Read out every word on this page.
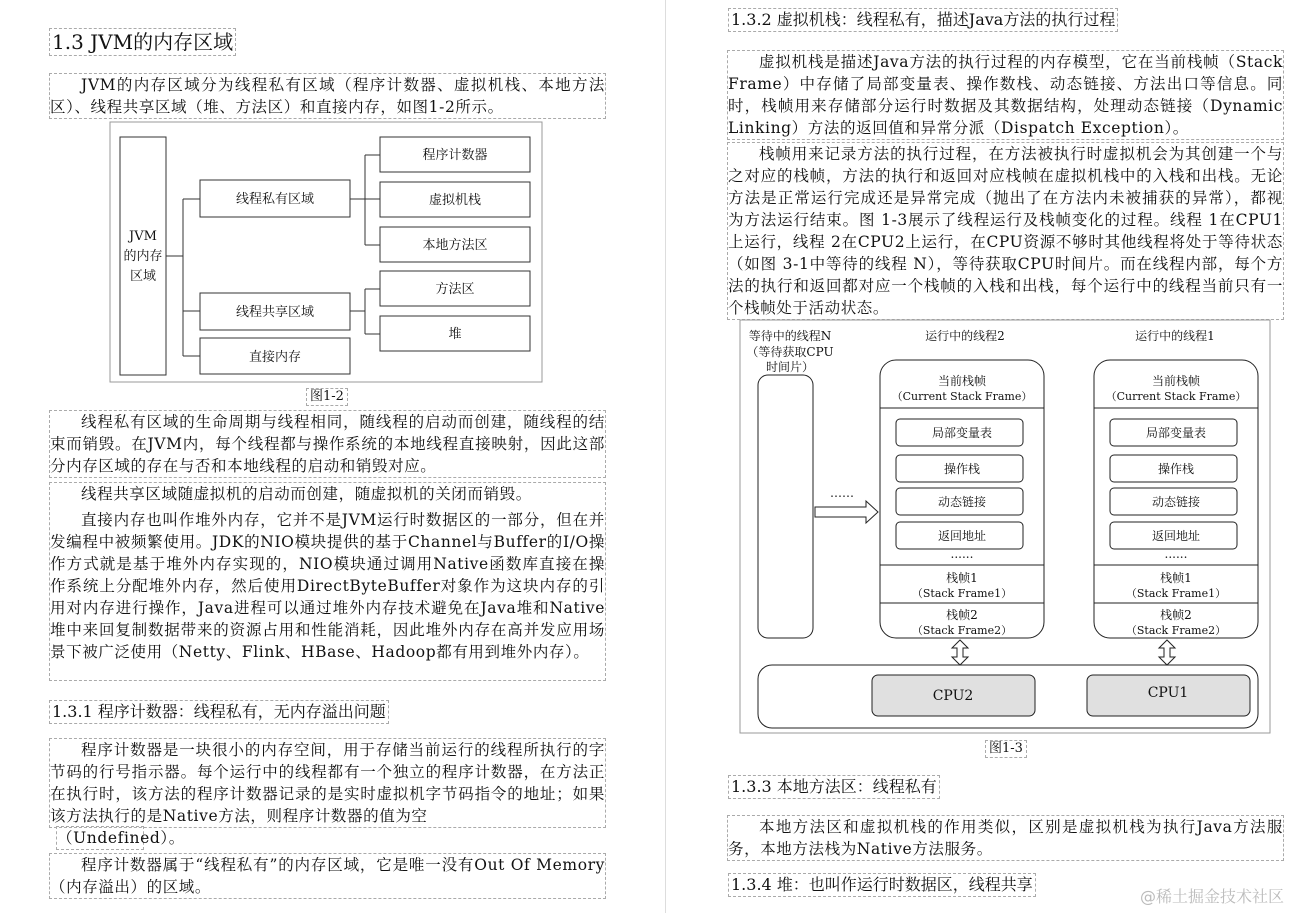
1.3 JVM的内存区域

JVM的内存区域分为线程私有区域（程序计数器、虚拟机栈、本地方法区）、线程共享区域（堆、方法区）和直接内存，如图1-2所示。

JVM
的内存
区域
线程私有区域
线程共享区域
直接内存
程序计数器
虚拟机栈
本地方法区
方法区
堆
图1-2

线程私有区域的生命周期与线程相同，随线程的启动而创建，随线程的结束而销毁。在JVM内，每个线程都与操作系统的本地线程直接映射，因此这部分内存区域的存在与否和本地线程的启动和销毁对应。

线程共享区域随虚拟机的启动而创建，随虚拟机的关闭而销毁。

直接内存也叫作堆外内存，它并不是JVM运行时数据区的一部分，但在并发编程中被频繁使用。JDK的NIO模块提供的基于Channel与Buffer的I/O操作方式就是基于堆外内存实现的，NIO模块通过调用Native函数库直接在操作系统上分配堆外内存，然后使用DirectByteBuffer对象作为这块内存的引用对内存进行操作，Java进程可以通过堆外内存技术避免在Java堆和Native堆中来回复制数据带来的资源占用和性能消耗，因此堆外内存在高并发应用场景下被广泛使用（Netty、Flink、HBase、Hadoop都有用到堆外内存）。

1.3.1 程序计数器：线程私有，无内存溢出问题

程序计数器是一块很小的内存空间，用于存储当前运行的线程所执行的字节码的行号指示器。每个运行中的线程都有一个独立的程序计数器，在方法正在执行时，该方法的程序计数器记录的是实时虚拟机字节码指令的地址；如果该方法执行的是Native方法，则程序计数器的值为空

（Undefined）。

程序计数器属于“线程私有”的内存区域，它是唯一没有Out Of Memory（内存溢出）的区域。

1.3.2 虚拟机栈：线程私有，描述Java方法的执行过程

虚拟机栈是描述Java方法的执行过程的内存模型，它在当前栈帧（Stack Frame）中存储了局部变量表、操作数栈、动态链接、方法出口等信息。同时，栈帧用来存储部分运行时数据及其数据结构，处理动态链接（Dynamic Linking）方法的返回值和异常分派（Dispatch Exception）。

栈帧用来记录方法的执行过程，在方法被执行时虚拟机会为其创建一个与之对应的栈帧，方法的执行和返回对应栈帧在虚拟机栈中的入栈和出栈。无论方法是正常运行完成还是异常完成（抛出了在方法内未被捕获的异常），都视为方法运行结束。图 1-3展示了线程运行及栈帧变化的过程。线程 1在CPU1上运行，线程 2在CPU2上运行，在CPU资源不够时其他线程将处于等待状态（如图 3-1中等待的线程 N），等待获取CPU时间片。而在线程内部，每个方法的执行和返回都对应一个栈帧的入栈和出栈，每个运行中的线程当前只有一个栈帧处于活动状态。

等待中的线程N
（等待获取CPU
时间片）
……
运行中的线程2	运行中的线程1
局部变量表
操作栈
动态链接
返回地址
当前栈帧
（Current Stack Frame）
......
栈帧1
（Stack Frame1）
栈帧2
（Stack Frame2）
局部变量表
操作栈
动态链接
返回地址
当前栈帧
（Current Stack Frame）
......
栈帧1
（Stack Frame1）
栈帧2
（Stack Frame2）
CPU2	CPU1
图1-3
1.3.3 本地方法区：线程私有

本地方法区和虚拟机栈的作用类似，区别是虚拟机栈为执行Java方法服务，本地方法栈为Native方法服务。

1.3.4 堆：也叫作运行时数据区，线程共享
@稀土掘金技术社区
